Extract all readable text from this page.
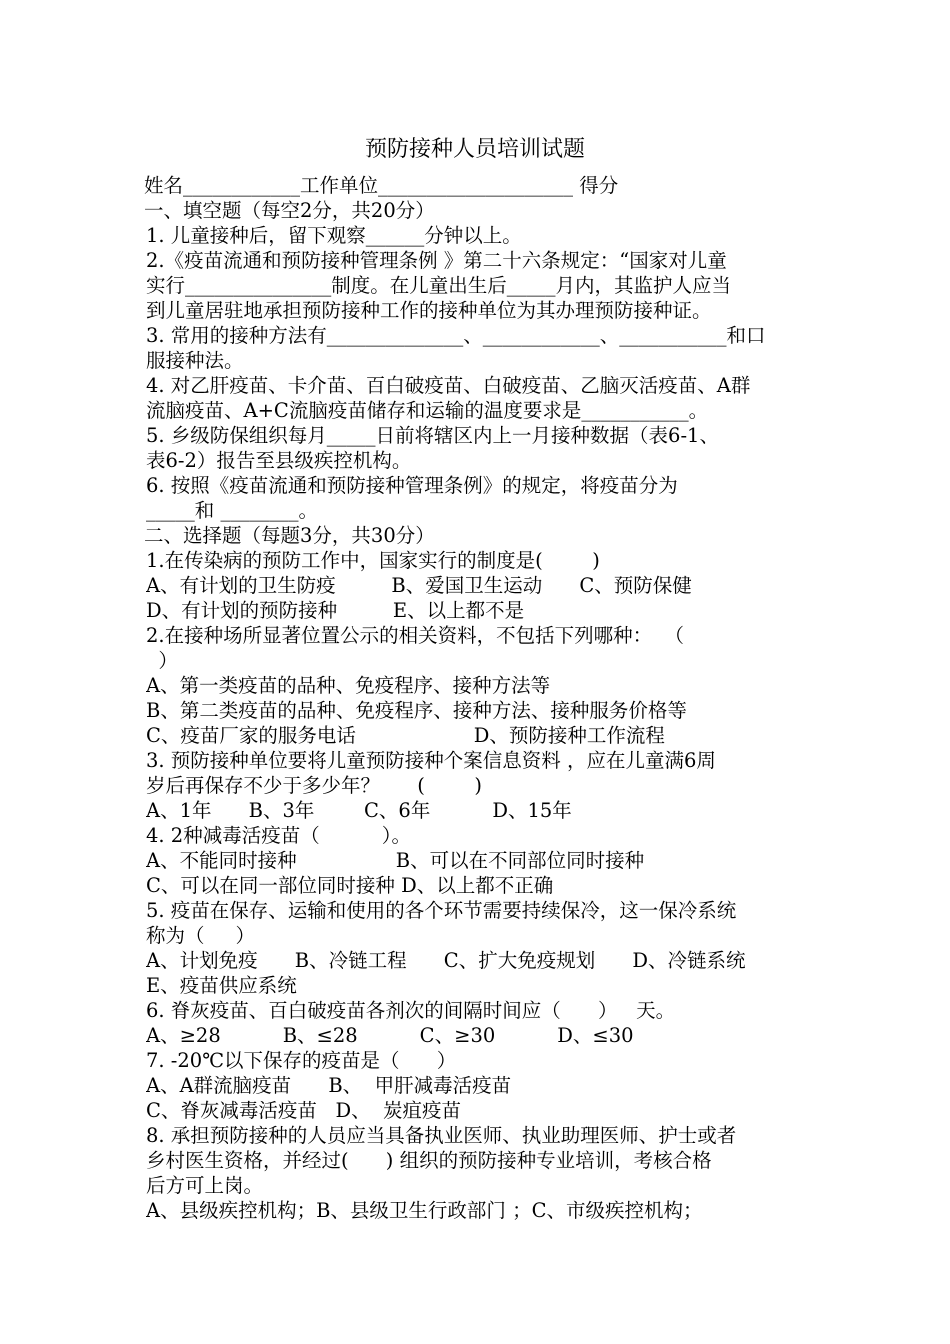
预防接种人员培训试题
姓名____________工作单位____________________ 得分
一、填空题（每空2分，共20分）
1. 儿童接种后，留下观察______分钟以上。
2.《疫苗流通和预防接种管理条例 》第二十六条规定：“国家对儿童
实行_______________制度。在儿童出生后_____月内，其监护人应当
到儿童居驻地承担预防接种工作的接种单位为其办理预防接种证。
3. 常用的接种方法有______________、____________、___________和口
服接种法。
4. 对乙肝疫苗、卡介苗、百白破疫苗、白破疫苗、乙脑灭活疫苗、A群
流脑疫苗、A+C流脑疫苗储存和运输的温度要求是___________。
5. 乡级防保组织每月_____日前将辖区内上一月接种数据（表6-1、
表6-2）报告至县级疾控机构。
6. 按照《疫苗流通和预防接种管理条例》的规定，将疫苗分为
_____和 ________。
二、选择题（每题3分，共30分）
1.在传染病的预防工作中，国家实行的制度是(        )
A、有计划的卫生防疫         B、爱国卫生运动      C、预防保健
D、有计划的预防接种         E、以上都不是
2.在接种场所显著位置公示的相关资料，不包括下列哪种：  （
）
A、第一类疫苗的品种、免疫程序、接种方法等
B、第二类疫苗的品种、免疫程序、接种方法、接种服务价格等
C、疫苗厂家的服务电话                   D、预防接种工作流程
3. 预防接种单位要将儿童预防接种个案信息资料 ，应在儿童满6周
岁后再保存不少于多少年？      (        )
A、1年      B、3年        C、6年          D、15年
4. 2种减毒活疫苗（          ）。
A、不能同时接种                B、可以在不同部位同时接种
C、可以在同一部位同时接种 D、以上都不正确
5. 疫苗在保存、运输和使用的各个环节需要持续保冷，这一保冷系统
称为（     ）
A、计划免疫      B、冷链工程      C、扩大免疫规划      D、冷链系统
E、疫苗供应系统
6. 脊灰疫苗、百白破疫苗各剂次的间隔时间应（      ）   天。
A、≥28          B、≤28          C、≥30          D、≤30
7. -20℃以下保存的疫苗是（      ）
A、A群流脑疫苗      B、  甲肝减毒活疫苗
C、脊灰减毒活疫苗   D、  炭疽疫苗
8. 承担预防接种的人员应当具备执业医师、执业助理医师、护士或者
乡村医生资格，并经过(      ) 组织的预防接种专业培训，考核合格
后方可上岗。
A、县级疾控机构；B、县级卫生行政部门 ；C、市级疾控机构；
